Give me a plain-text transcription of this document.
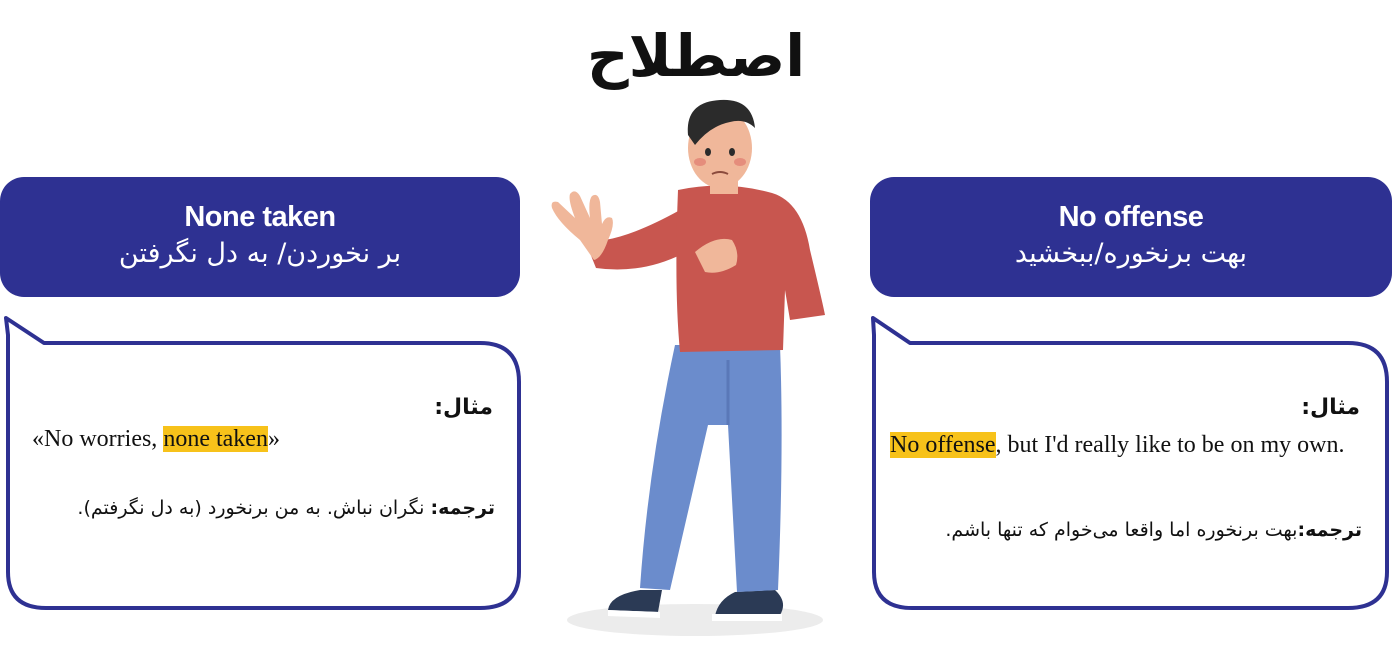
اصطلاح
None taken
بر نخوردن/ به دل نگرفتن
No offense
بهت برنخوره/ببخشید
مثال:
«No worries, none taken»
ترجمه: نگران نباش. به من برنخورد (به دل نگرفتم).
مثال:
No offense, but I'd really like to be on my own.
ترجمه:بهت برنخوره اما واقعا می‌خوام که تنها باشم.
